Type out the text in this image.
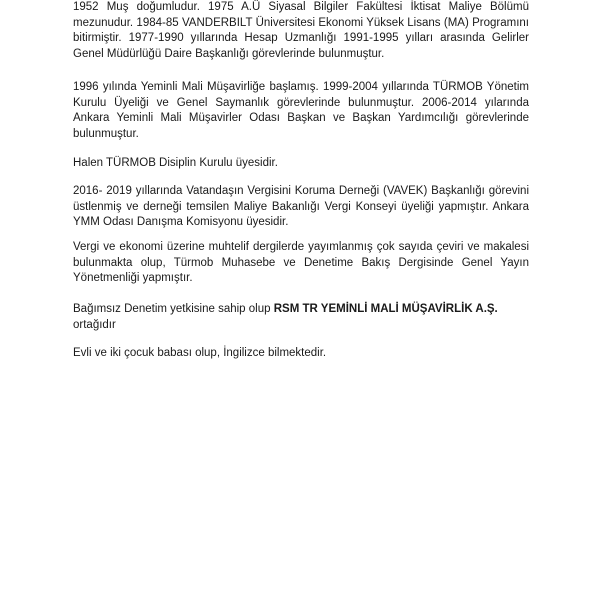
1952 Muş doğumludur. 1975 A.Ü Siyasal Bilgiler Fakültesi İktisat Maliye Bölümü mezunudur. 1984-85 VANDERBILT Üniversitesi Ekonomi Yüksek Lisans (MA) Programını bitirmiştir. 1977-1990 yıllarında Hesap Uzmanlığı 1991-1995 yılları arasında Gelirler Genel Müdürlüğü Daire Başkanlığı görevlerinde bulunmuştur.

1996 yılında Yeminli Mali Müşavirliğe başlamış. 1999-2004 yıllarında TÜRMOB Yönetim Kurulu Üyeliği ve Genel Saymanlık görevlerinde bulunmuştur. 2006-2014 yılarında Ankara Yeminli Mali Müşavirler Odası Başkan ve Başkan Yardımcılığı görevlerinde bulunmuştur.

Halen TÜRMOB Disiplin Kurulu üyesidir.

2016- 2019 yıllarında Vatandaşın Vergisini Koruma Derneği (VAVEK) Başkanlığı görevini üstlenmiş ve derneği temsilen Maliye Bakanlığı Vergi Konseyi üyeliği yapmıştır. Ankara YMM Odası Danışma Komisyonu üyesidir.

Vergi ve ekonomi üzerine muhtelif dergilerde yayımlanmış çok sayıda çeviri ve makalesi bulunmakta olup, Türmob Muhasebe ve Denetime Bakış Dergisinde Genel Yayın Yönetmenliği yapmıştır.

Bağımsız Denetim yetkisine sahip olup RSM TR YEMİNLİ MALİ MÜŞAVİRLİK A.Ş.
ortağıdır

Evli ve iki çocuk babası olup, İngilizce bilmektedir.
